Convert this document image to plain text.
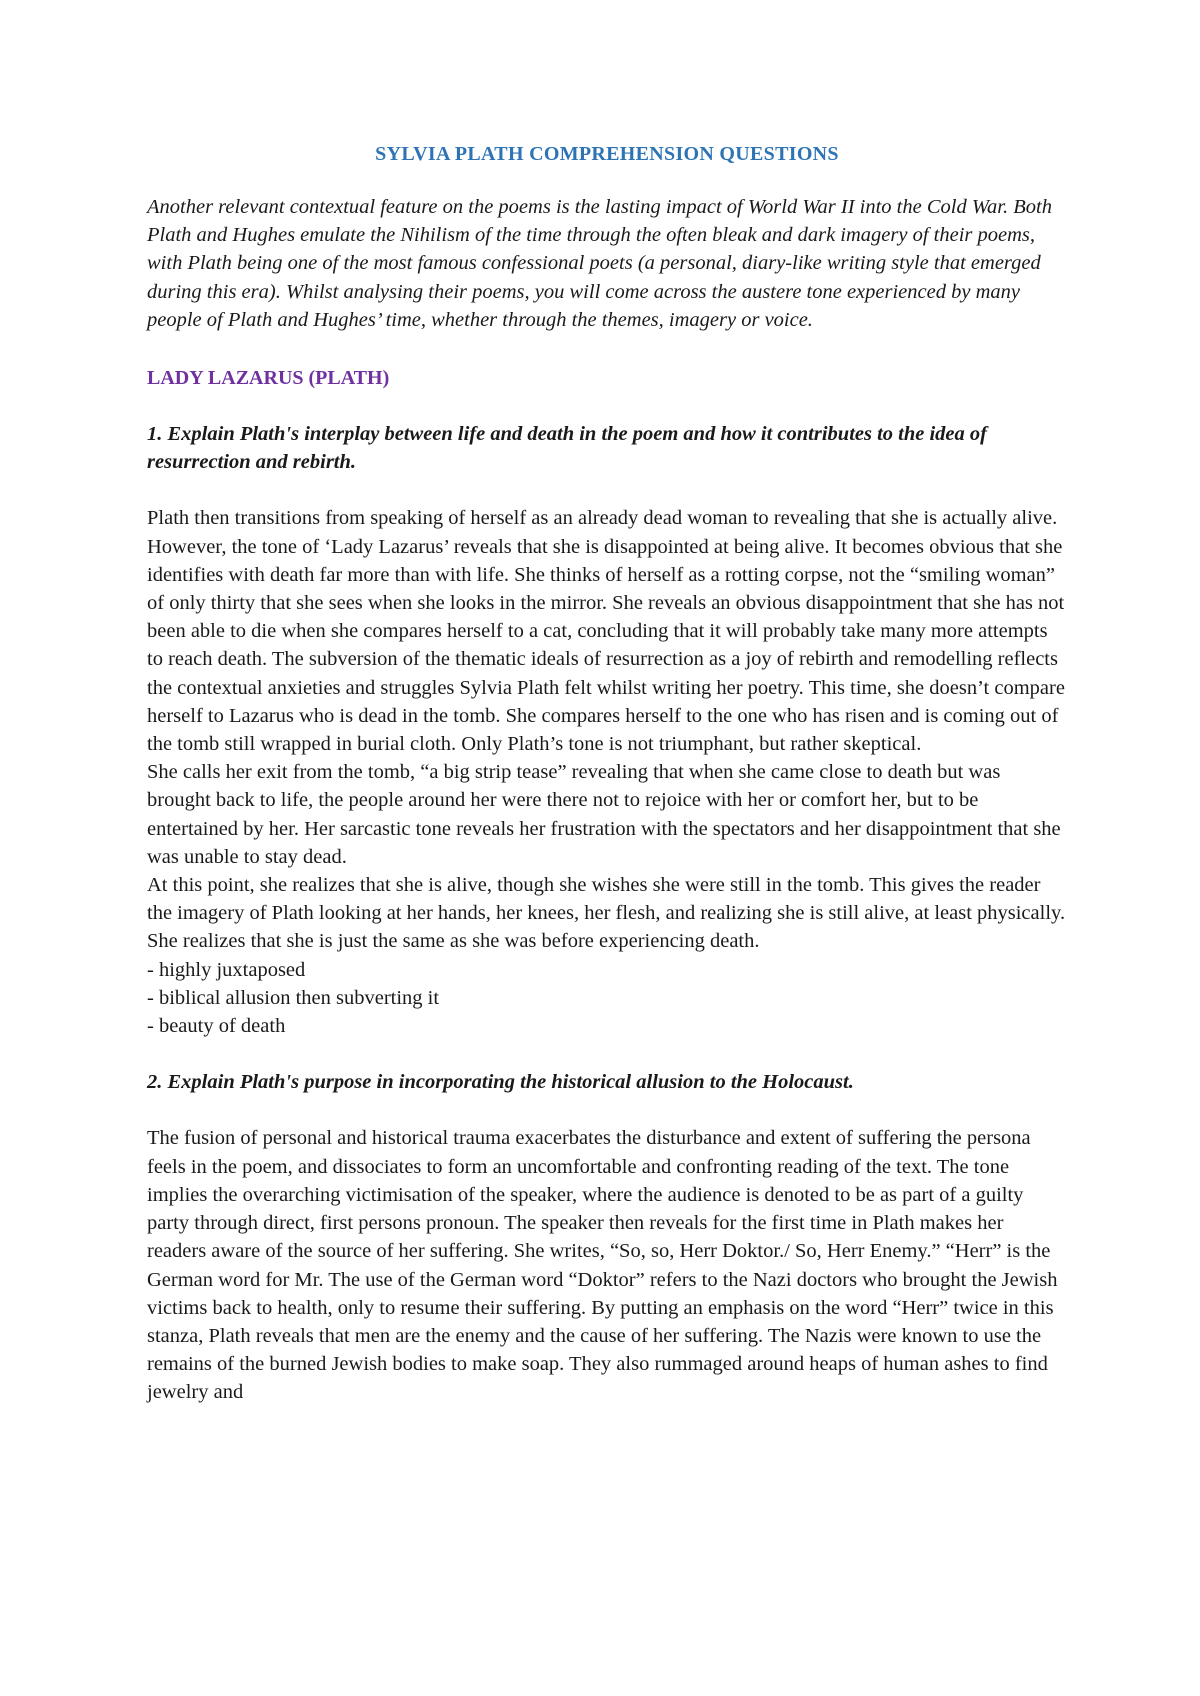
SYLVIA PLATH COMPREHENSION QUESTIONS

Another relevant contextual feature on the poems is the lasting impact of World War II into the Cold War. Both Plath and Hughes emulate the Nihilism of the time through the often bleak and dark imagery of their poems, with Plath being one of the most famous confessional poets (a personal, diary-like writing style that emerged during this era). Whilst analysing their poems, you will come across the austere tone experienced by many people of Plath and Hughes’ time, whether through the themes, imagery or voice.

LADY LAZARUS (PLATH)

1. Explain Plath's interplay between life and death in the poem and how it contributes to the idea of resurrection and rebirth.

Plath then transitions from speaking of herself as an already dead woman to revealing that she is actually alive. However, the tone of ‘Lady Lazarus’ reveals that she is disappointed at being alive. It becomes obvious that she identifies with death far more than with life. She thinks of herself as a rotting corpse, not the “smiling woman” of only thirty that she sees when she looks in the mirror. She reveals an obvious disappointment that she has not been able to die when she compares herself to a cat, concluding that it will probably take many more attempts to reach death. The subversion of the thematic ideals of resurrection as a joy of rebirth and remodelling reflects the contextual anxieties and struggles Sylvia Plath felt whilst writing her poetry. This time, she doesn’t compare herself to Lazarus who is dead in the tomb. She compares herself to the one who has risen and is coming out of the tomb still wrapped in burial cloth. Only Plath’s tone is not triumphant, but rather skeptical.

She calls her exit from the tomb, “a big strip tease” revealing that when she came close to death but was brought back to life, the people around her were there not to rejoice with her or comfort her, but to be entertained by her. Her sarcastic tone reveals her frustration with the spectators and her disappointment that she was unable to stay dead.

At this point, she realizes that she is alive, though she wishes she were still in the tomb. This gives the reader the imagery of Plath looking at her hands, her knees, her flesh, and realizing she is still alive, at least physically. She realizes that she is just the same as she was before experiencing death.

- highly juxtaposed
- biblical allusion then subverting it
- beauty of death

2. Explain Plath's purpose in incorporating the historical allusion to the Holocaust.

The fusion of personal and historical trauma exacerbates the disturbance and extent of suffering the persona feels in the poem, and dissociates to form an uncomfortable and confronting reading of the text. The tone implies the overarching victimisation of the speaker, where the audience is denoted to be as part of a guilty party through direct, first persons pronoun. The speaker then reveals for the first time in Plath makes her readers aware of the source of her suffering. She writes, “So, so, Herr Doktor./ So, Herr Enemy.” “Herr” is the German word for Mr. The use of the German word “Doktor” refers to the Nazi doctors who brought the Jewish victims back to health, only to resume their suffering. By putting an emphasis on the word “Herr” twice in this stanza, Plath reveals that men are the enemy and the cause of her suffering. The Nazis were known to use the remains of the burned Jewish bodies to make soap. They also rummaged around heaps of human ashes to find jewelry and
